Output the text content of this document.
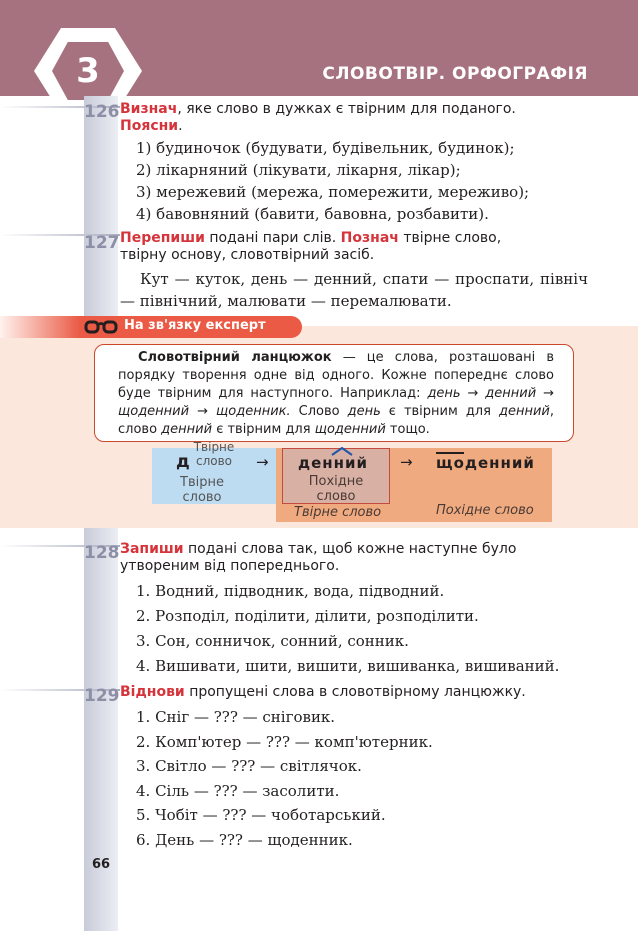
3	СЛОВОТВІР. ОРФОГРАФІЯ
126 Визнач, яке слово в дужках є твірним для поданого.
Поясни.
1) будиночок (будувати, будівельник, будинок);
2) лікарняний (лікувати, лікарня, лікар);
3) мережевий (мережа, помережити, мереживо);
4) бавовняний (бавити, бавовна, розбавити).
127 Перепиши подані пари слів. Познач твірне слово, твірну основу, словотвірний засіб.
Кут — куток, день — денний, спати — проспати, північ — північний, малювати — перемалювати.
На зв'язку експерт
Словотвірний ланцюжок — це слова, розташовані в порядку творення одне від одного. Кожне попереднє слово буде твірним для наступного. Наприклад: день → денний → щоденний → щоденник. Слово день є твірним для денний, слово денний є твірним для щоденний тощо.
д
Твірне слово
Твірне слово
→ денний
Похідне слово
→ щоденний
Твірне слово	Похідне слово
128 Запиши подані слова так, щоб кожне наступне було утвореним від попереднього.
1. Водний, підводник, вода, підводний.
2. Розподіл, поділити, ділити, розподілити.
3. Сон, сонничок, сонний, сонник.
4. Вишивати, шити, вишити, вишиванка, вишиваний.
129 Віднови пропущені слова в словотвірному ланцюжку.
1. Сніг — ??? — сніговик.
2. Комп'ютер — ??? — комп'ютерник.
3. Світло — ??? — світлячок.
4. Сіль — ??? — засолити.
5. Чобіт — ??? — чоботарський.
6. День — ??? — щоденник.
66
